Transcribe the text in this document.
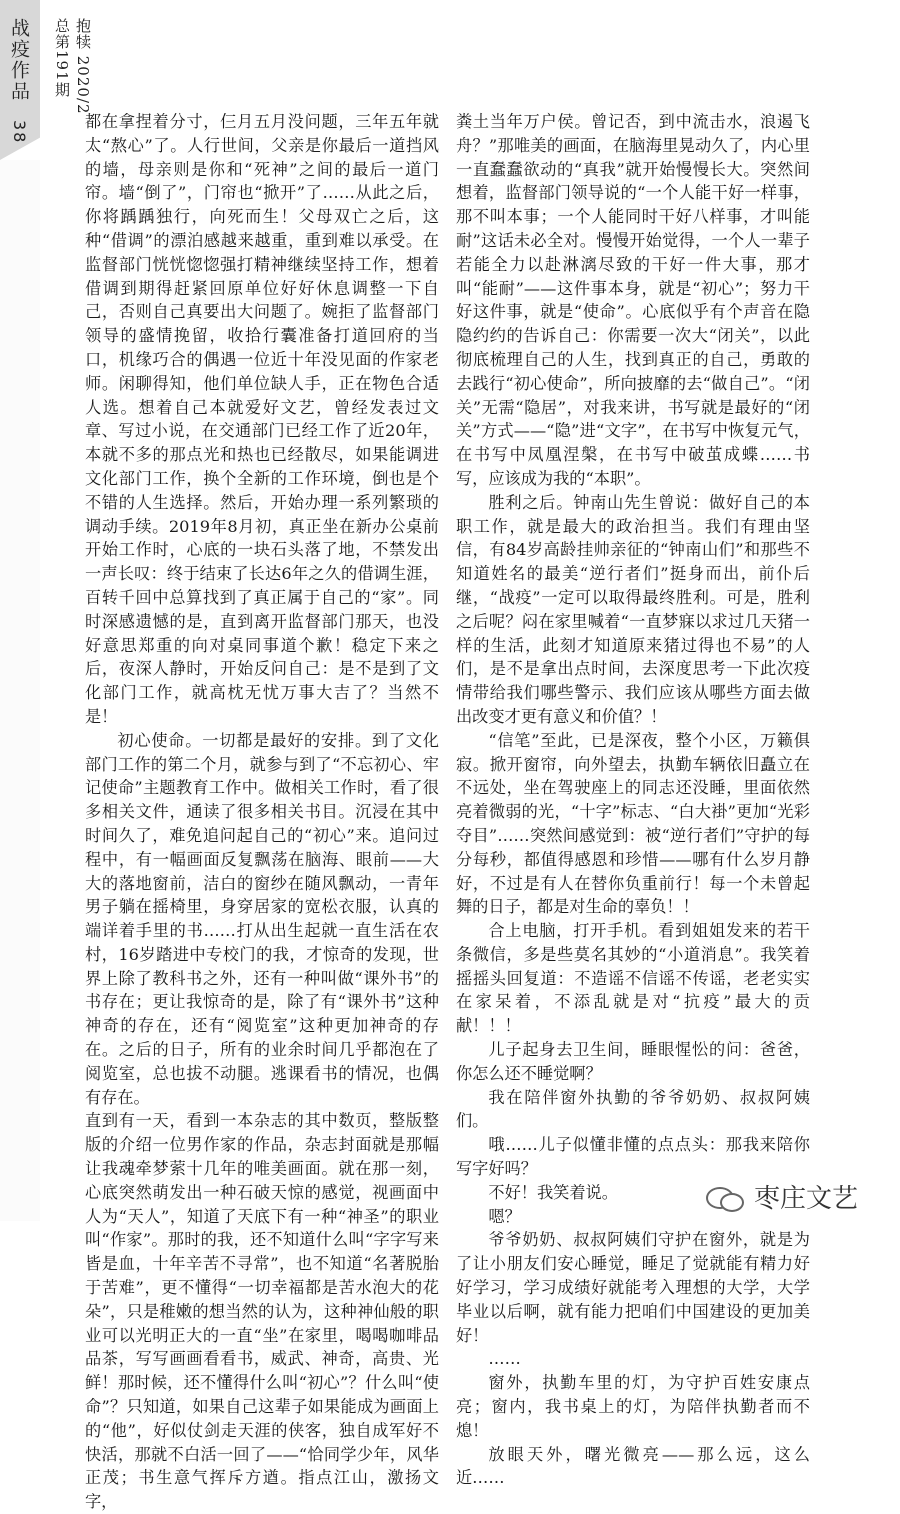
战疫作品 38
抱犊 2020/2
总第191期

都在拿捏着分寸，仨月五月没问题，三年五年就太“熬心”了。人行世间，父亲是你最后一道挡风的墙，母亲则是你和“死神”之间的最后一道门帘。墙“倒了”，门帘也“掀开”了……从此之后，你将踽踽独行，向死而生！父母双亡之后，这种“借调”的漂泊感越来越重，重到难以承受。在监督部门恍恍惚惚强打精神继续坚持工作，想着借调到期得赶紧回原单位好好休息调整一下自己，否则自己真要出大问题了。婉拒了监督部门领导的盛情挽留，收拾行囊准备打道回府的当口，机缘巧合的偶遇一位近十年没见面的作家老师。闲聊得知，他们单位缺人手，正在物色合适人选。想着自己本就爱好文艺，曾经发表过文章、写过小说，在交通部门已经工作了近20年，本就不多的那点光和热也已经散尽，如果能调进文化部门工作，换个全新的工作环境，倒也是个不错的人生选择。然后，开始办理一系列繁琐的调动手续。2019年8月初，真正坐在新办公桌前开始工作时，心底的一块石头落了地，不禁发出一声长叹：终于结束了长达6年之久的借调生涯，百转千回中总算找到了真正属于自己的“家”。同时深感遗憾的是，直到离开监督部门那天，也没好意思郑重的向对桌同事道个歉！稳定下来之后，夜深人静时，开始反问自己：是不是到了文化部门工作，就高枕无忧万事大吉了？当然不是！

初心使命。一切都是最好的安排。到了文化部门工作的第二个月，就参与到了“不忘初心、牢记使命”主题教育工作中。做相关工作时，看了很多相关文件，通读了很多相关书目。沉浸在其中时间久了，难免追问起自己的“初心”来。追问过程中，有一幅画面反复飘荡在脑海、眼前——大大的落地窗前，洁白的窗纱在随风飘动，一青年男子躺在摇椅里，身穿居家的宽松衣服，认真的端详着手里的书……打从出生起就一直生活在农村，16岁踏进中专校门的我，才惊奇的发现，世界上除了教科书之外，还有一种叫做“课外书”的书存在；更让我惊奇的是，除了有“课外书”这种神奇的存在，还有“阅览室”这种更加神奇的存在。之后的日子，所有的业余时间几乎都泡在了阅览室，总也拔不动腿。逃课看书的情况，也偶有存在。

直到有一天，看到一本杂志的其中数页，整版整版的介绍一位男作家的作品，杂志封面就是那幅让我魂牵梦萦十几年的唯美画面。就在那一刻，心底突然萌发出一种石破天惊的感觉，视画面中人为“天人”，知道了天底下有一种“神圣”的职业叫“作家”。那时的我，还不知道什么叫“字字写来皆是血，十年辛苦不寻常”，也不知道“名著脱胎于苦难”，更不懂得“一切幸福都是苦水泡大的花朵”，只是稚嫩的想当然的认为，这种神仙般的职业可以光明正大的一直“坐”在家里，喝喝咖啡品品茶，写写画画看看书，威武、神奇，高贵、光鲜！那时候，还不懂得什么叫“初心”？什么叫“使命”？只知道，如果自己这辈子如果能成为画面上的“他”，好似仗剑走天涯的侠客，独自成军好不快活，那就不白活一回了——“恰同学少年，风华正茂；书生意气挥斥方遒。指点江山，激扬文字，

粪土当年万户侯。曾记否，到中流击水，浪遏飞舟？”那唯美的画面，在脑海里晃动久了，内心里一直蠢蠢欲动的“真我”就开始慢慢长大。突然间想着，监督部门领导说的“一个人能干好一样事，那不叫本事；一个人能同时干好八样事，才叫能耐”这话未必全对。慢慢开始觉得，一个人一辈子若能全力以赴淋漓尽致的干好一件大事，那才叫“能耐”——这件事本身，就是“初心”；努力干好这件事，就是“使命”。心底似乎有个声音在隐隐约约的告诉自己：你需要一次大“闭关”，以此彻底梳理自己的人生，找到真正的自己，勇敢的去践行“初心使命”，所向披靡的去“做自己”。“闭关”无需“隐居”，对我来讲，书写就是最好的“闭关”方式——“隐”进“文字”，在书写中恢复元气，在书写中凤凰涅槃，在书写中破茧成蝶……书写，应该成为我的“本职”。

胜利之后。钟南山先生曾说：做好自己的本职工作，就是最大的政治担当。我们有理由坚信，有84岁高龄挂帅亲征的“钟南山们”和那些不知道姓名的最美“逆行者们”挺身而出，前仆后继，“战疫”一定可以取得最终胜利。可是，胜利之后呢？闷在家里喊着“一直梦寐以求过几天猪一样的生活，此刻才知道原来猪过得也不易”的人们，是不是拿出点时间，去深度思考一下此次疫情带给我们哪些警示、我们应该从哪些方面去做出改变才更有意义和价值？！

“信笔”至此，已是深夜，整个小区，万籁俱寂。掀开窗帘，向外望去，执勤车辆依旧矗立在不远处，坐在驾驶座上的同志还没睡，里面依然亮着微弱的光，“十字”标志、“白大褂”更加“光彩夺目”……突然间感觉到：被“逆行者们”守护的每分每秒，都值得感恩和珍惜——哪有什么岁月静好，不过是有人在替你负重前行！每一个未曾起舞的日子，都是对生命的辜负！！

合上电脑，打开手机。看到姐姐发来的若干条微信，多是些莫名其妙的“小道消息”。我笑着摇摇头回复道：不造谣不信谣不传谣，老老实实在家呆着，不添乱就是对“抗疫”最大的贡献！！！

儿子起身去卫生间，睡眼惺忪的问：爸爸，你怎么还不睡觉啊？

我在陪伴窗外执勤的爷爷奶奶、叔叔阿姨们。

哦……儿子似懂非懂的点点头：那我来陪你写字好吗？

不好！我笑着说。

嗯？

爷爷奶奶、叔叔阿姨们守护在窗外，就是为了让小朋友们安心睡觉，睡足了觉就能有精力好好学习，学习成绩好就能考入理想的大学，大学毕业以后啊，就有能力把咱们中国建设的更加美好！

……

窗外，执勤车里的灯，为守护百姓安康点亮；窗内，我书桌上的灯，为陪伴执勤者而不熄！

放眼天外，曙光微亮——那么远，这么近……

枣庄文艺
